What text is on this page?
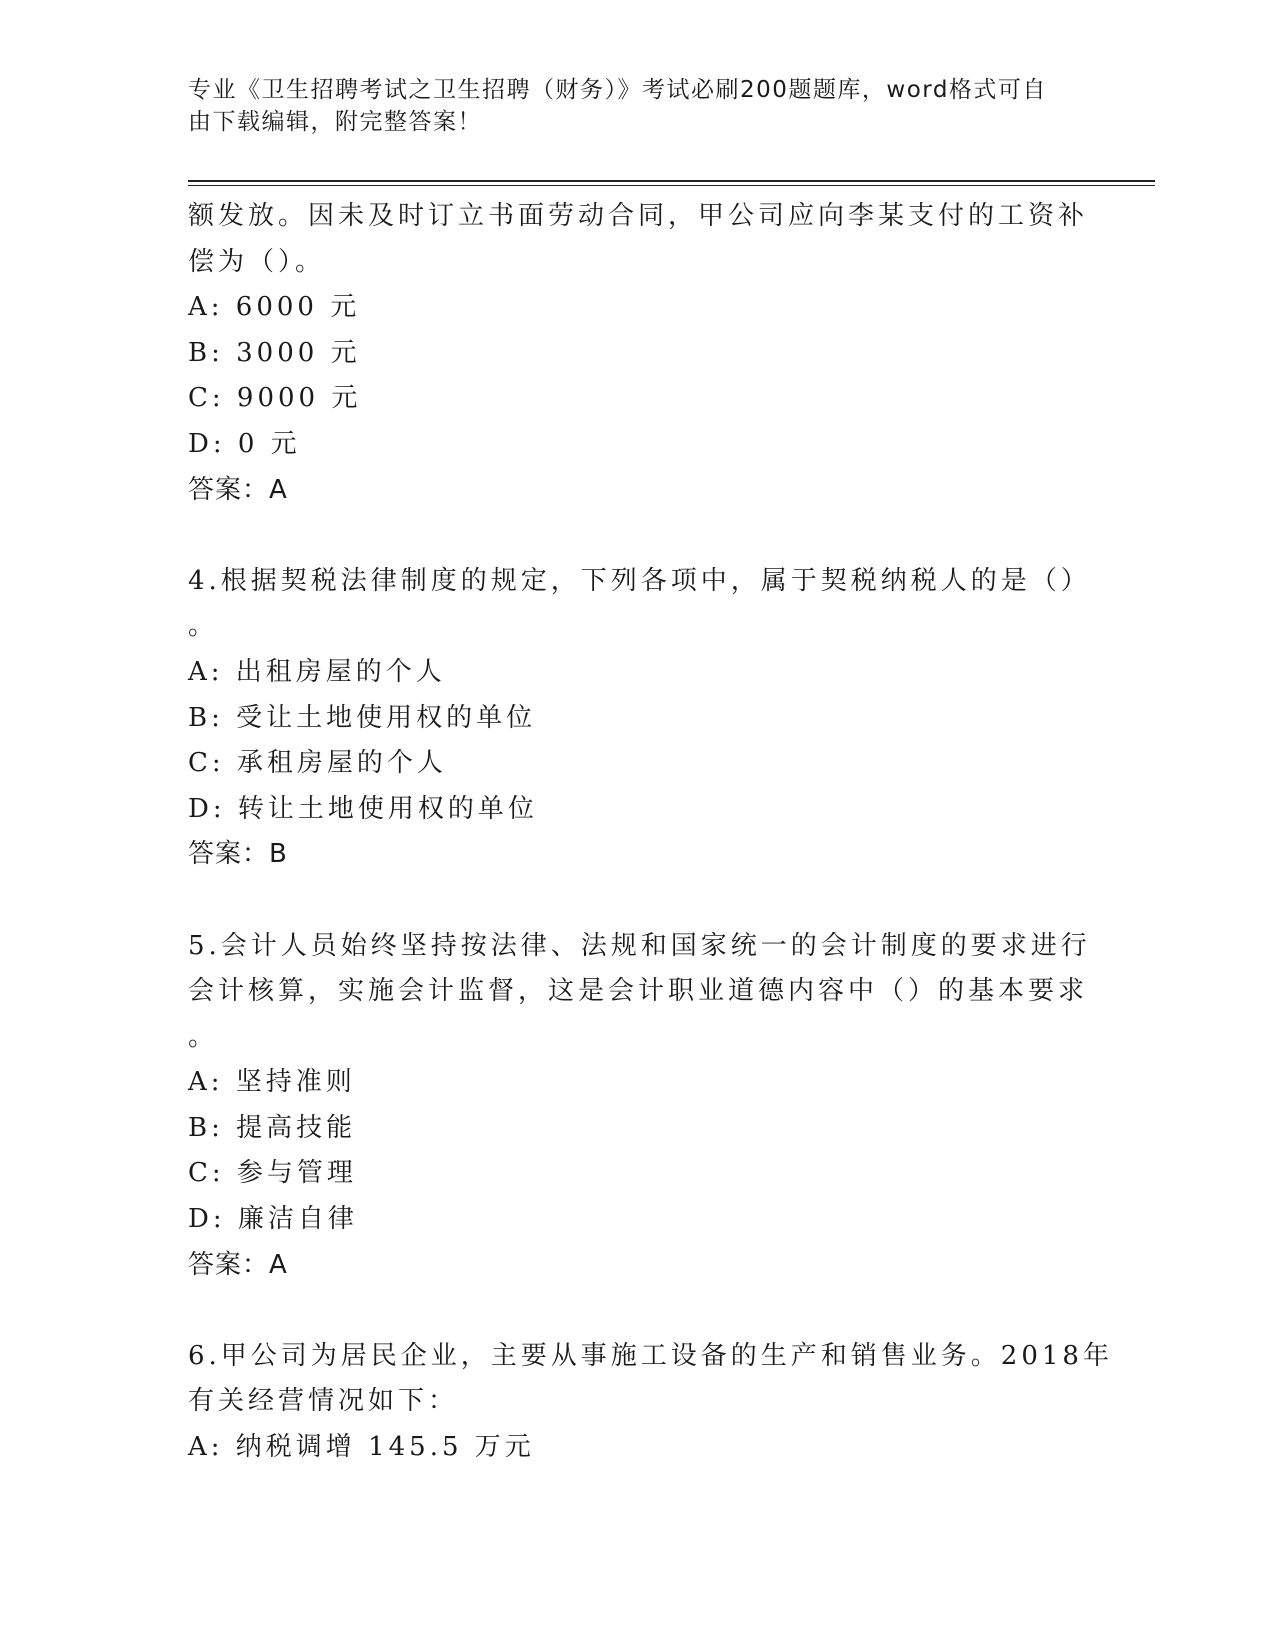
专业《卫生招聘考试之卫生招聘（财务）》考试必刷200题题库，word格式可自
由下载编辑，附完整答案！
额发放。因未及时订立书面劳动合同，甲公司应向李某支付的工资补
偿为（）。
A: 6000 元
B: 3000 元
C: 9000 元
D: 0 元
答案：A
4.根据契税法律制度的规定，下列各项中，属于契税纳税人的是（）
。
A: 出租房屋的个人
B: 受让土地使用权的单位
C: 承租房屋的个人
D: 转让土地使用权的单位
答案：B
5.会计人员始终坚持按法律、法规和国家统一的会计制度的要求进行
会计核算，实施会计监督，这是会计职业道德内容中（）的基本要求
。
A: 坚持准则
B: 提高技能
C: 参与管理
D: 廉洁自律
答案：A
6.甲公司为居民企业，主要从事施工设备的生产和销售业务。2018年
有关经营情况如下：
A: 纳税调增 145.5 万元
